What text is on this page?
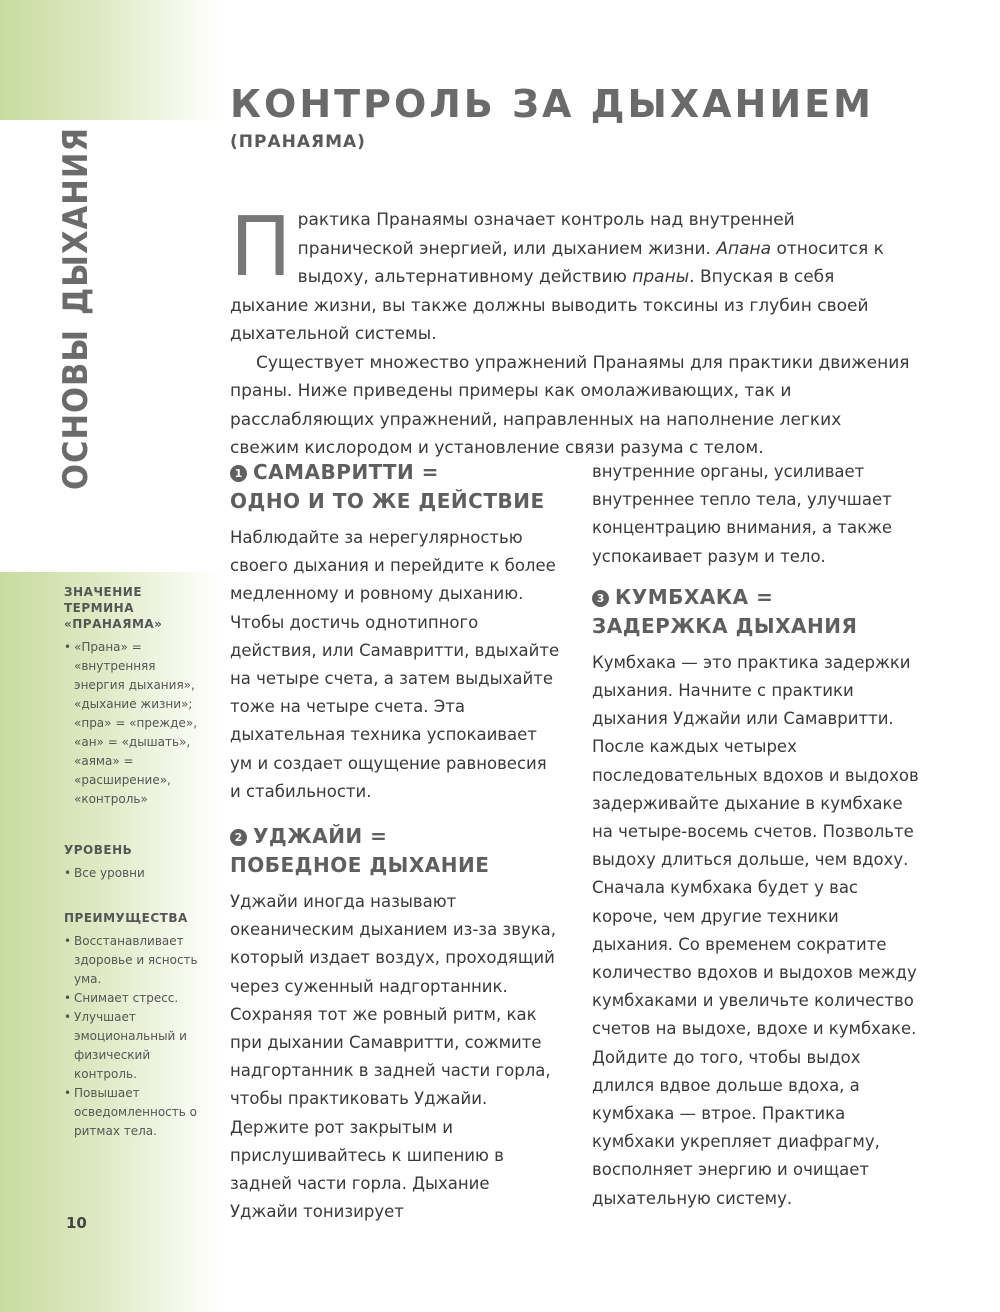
ОСНОВЫДЫХАНИЯ
ЗНАЧЕНИЕ ТЕРМИНА «ПРАНАЯМА»
• «Прана» = «внутренняя энергия дыхания», «дыхание жизни»; «пра» = «прежде», «ан» = «дышать», «аяма» = «расширение», «контроль»
УРОВЕНЬ
• Все уровни
ПРЕИМУЩЕСТВА
• Восстанавливает здоровье и ясность ума.
• Снимает стресс.
• Улучшает эмоциональный и физический контроль.
• Повышает осведомленность о ритмах тела.
10
КОНТРОЛЬ ЗА ДЫХАНИЕМ
(ПРАНАЯМА)

Практика Пранаямы означает контроль над внутренней пранической энергией, или дыханием жизни. Апана относится к выдоху, альтернативному действию праны. Впуская в себя дыхание жизни, вы также должны выводить токсины из глубин своей дыхательной системы.

Существует множество упражнений Пранаямы для практики движения праны. Ниже приведены примеры как омолаживающих, так и расслабляющих упражнений, направленных на наполнение легких свежим кислородом и установление связи разума с телом.

1 САМАВРИТТИ =
ОДНО И ТО ЖЕ ДЕЙСТВИЕ

Наблюдайте за нерегулярностью своего дыхания и перейдите к более медленному и ровному дыханию. Чтобы достичь однотипного действия, или Самавритти, вдыхайте на четыре счета, а затем выдыхайте тоже на четыре счета. Эта дыхательная техника успокаивает ум и создает ощущение равновесия и стабильности.

2 УДЖАЙИ =
ПОБЕДНОЕ ДЫХАНИЕ

Уджайи иногда называют океаническим дыханием из-за звука, который издает воздух, проходящий через суженный надгортанник. Сохраняя тот же ровный ритм, как при дыхании Самавритти, сожмите надгортанник в задней части горла, чтобы практиковать Уджайи. Держите рот закрытым и прислушивайтесь к шипению в задней части горла. Дыхание Уджайи тонизирует

внутренние органы, усиливает внутреннее тепло тела, улучшает концентрацию внимания, а также успокаивает разум и тело.

3 КУМБХАКА =
ЗАДЕРЖКА ДЫХАНИЯ

Кумбхака — это практика задержки дыхания. Начните с практики дыхания Уджайи или Самавритти. После каждых четырех последовательных вдохов и выдохов задерживайте дыхание в кумбхаке на четыре-восемь счетов. Позвольте выдоху длиться дольше, чем вдоху. Сначала кумбхака будет у вас короче, чем другие техники дыхания. Со временем сократите количество вдохов и выдохов между кумбхаками и увеличьте количество счетов на выдохе, вдохе и кумбхаке. Дойдите до того, чтобы выдох длился вдвое дольше вдоха, а кумбхака — втрое. Практика кумбхаки укрепляет диафрагму, восполняет энергию и очищает дыхательную систему.
